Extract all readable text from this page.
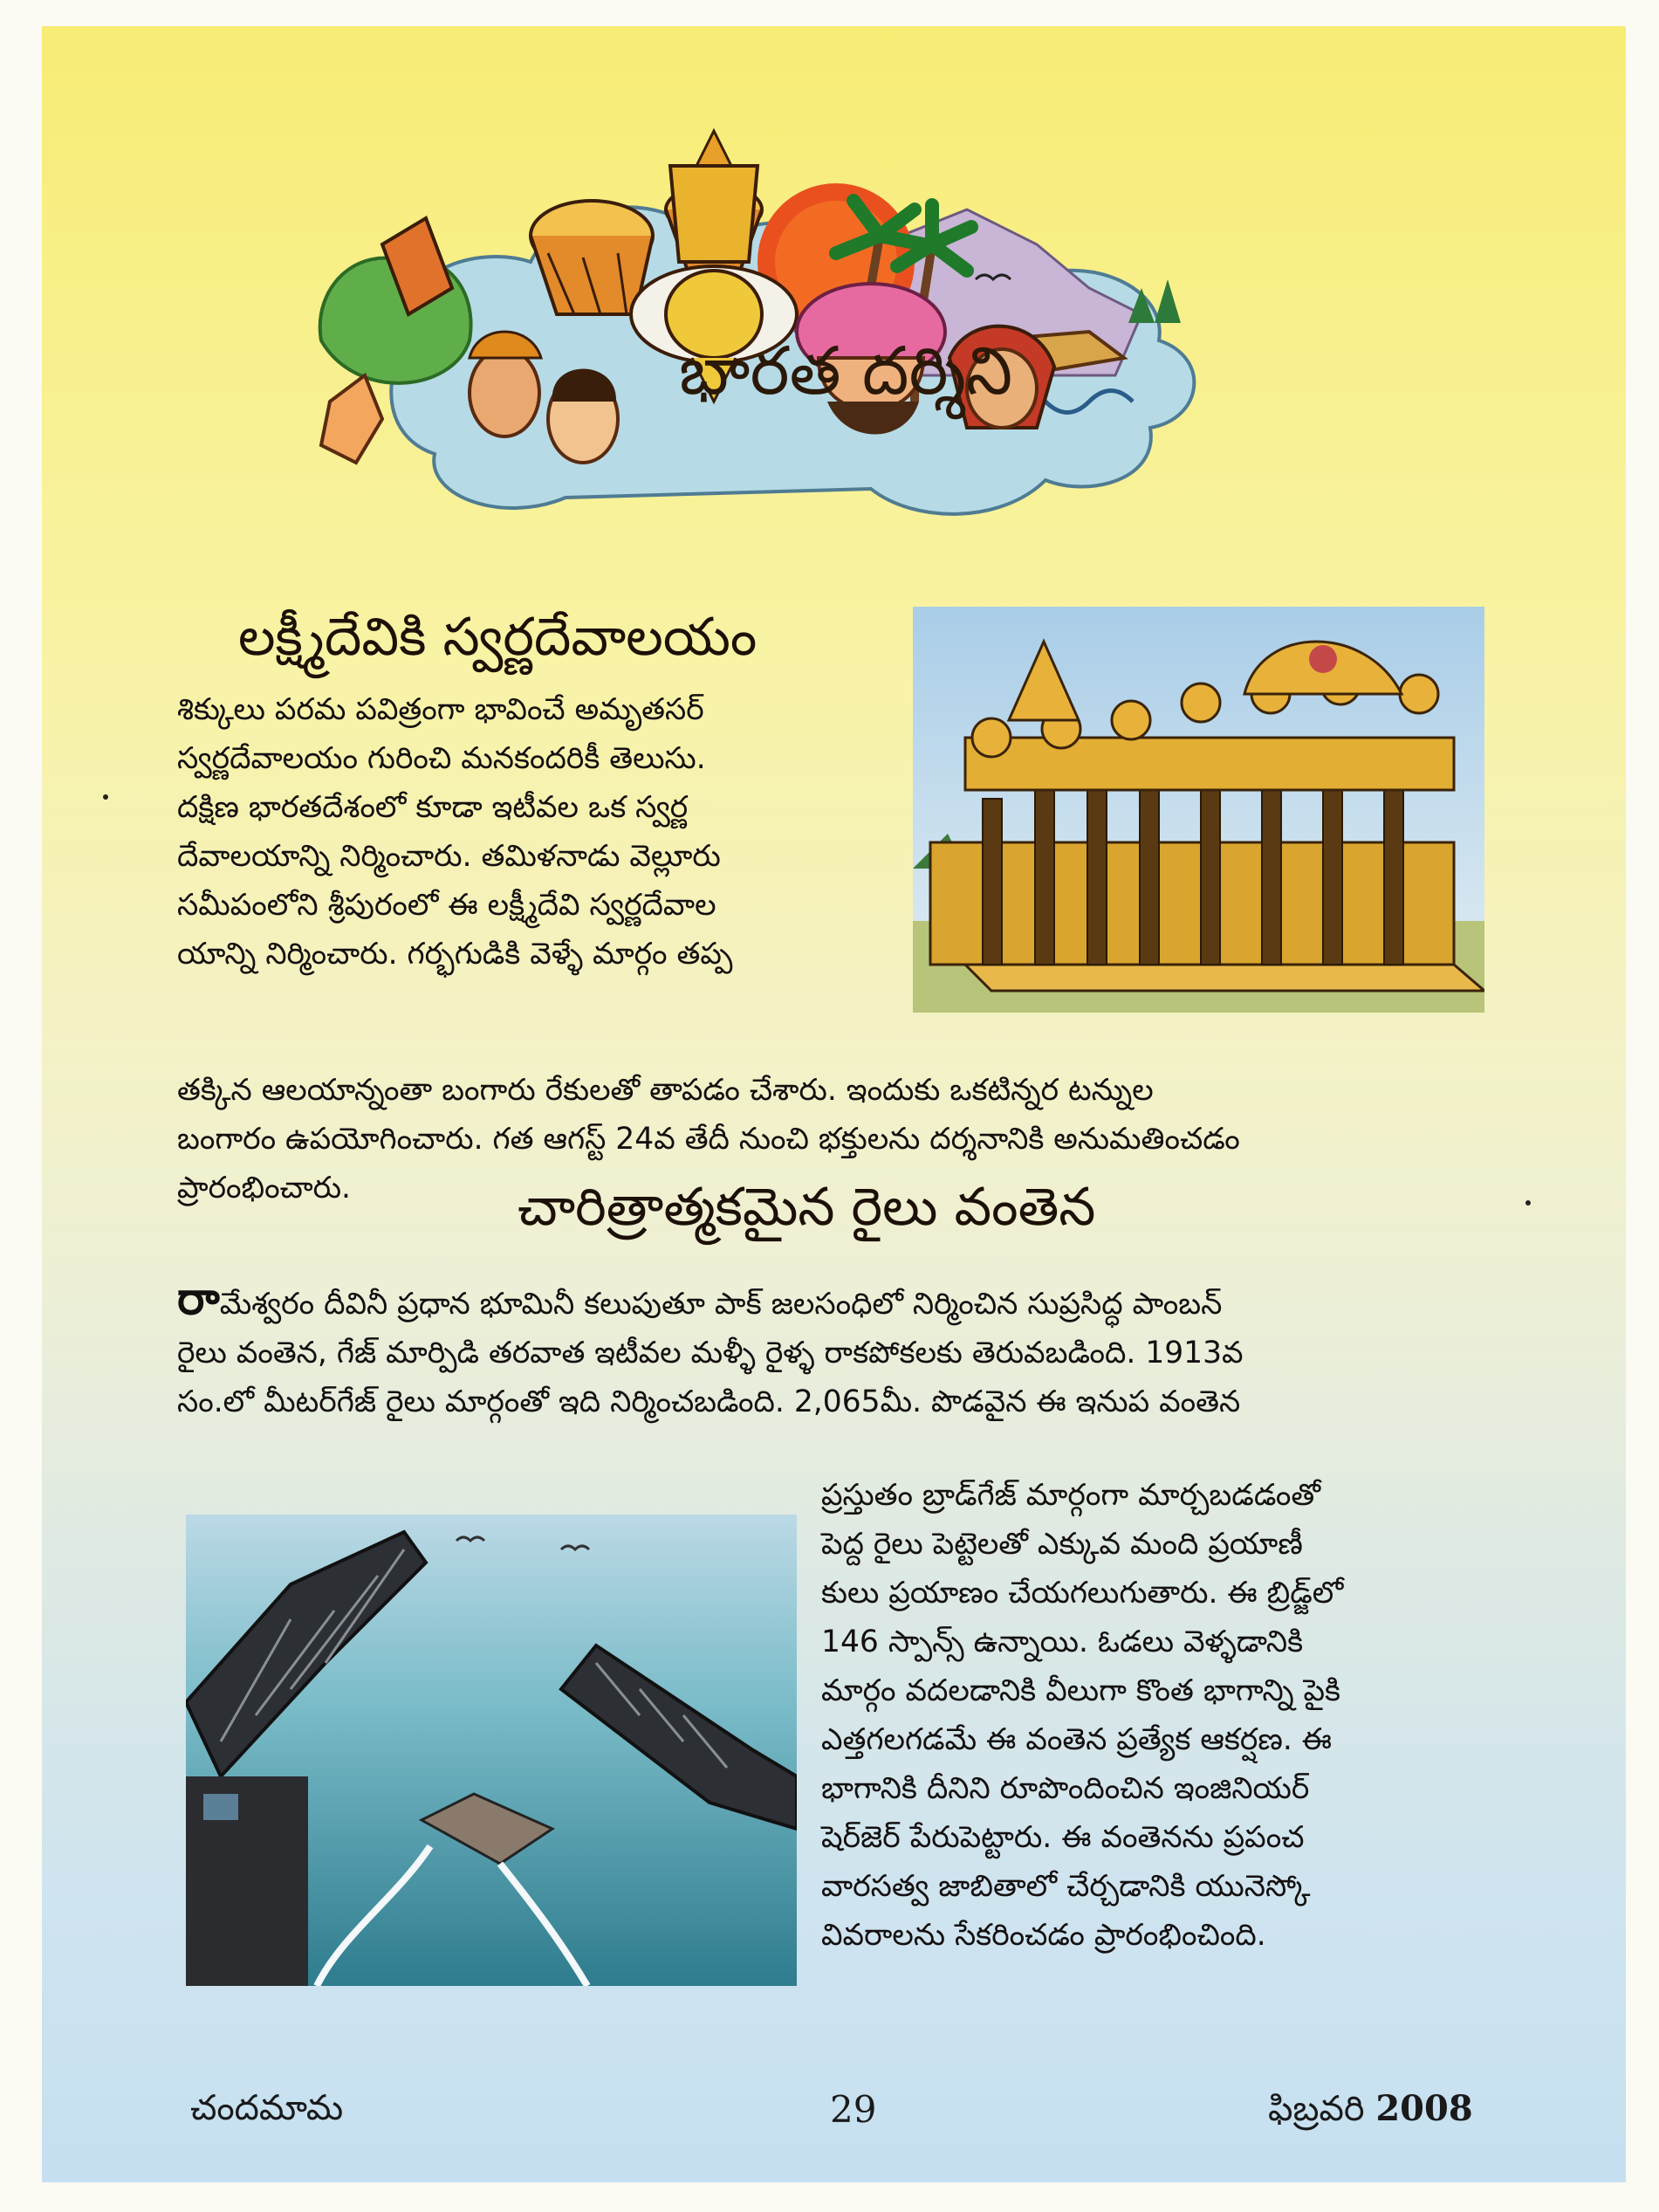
భారత దర్శిని
లక్ష్మీదేవికి స్వర్ణదేవాలయం
శిక్కులు పరమ పవిత్రంగా భావించే అమృతసర్
స్వర్ణదేవాలయం గురించి మనకందరికీ తెలుసు.
దక్షిణ భారతదేశంలో కూడా ఇటీవల ఒక స్వర్ణ
దేవాలయాన్ని నిర్మించారు. తమిళనాడు వెల్లూరు
సమీపంలోని శ్రీపురంలో ఈ లక్ష్మీదేవి స్వర్ణదేవాల
యాన్ని నిర్మించారు. గర్భగుడికి వెళ్ళే మార్గం తప్ప
తక్కిన ఆలయాన్నంతా బంగారు రేకులతో తాపడం చేశారు. ఇందుకు ఒకటిన్నర టన్నుల
బంగారం ఉపయోగించారు. గత ఆగస్ట్ 24వ తేదీ నుంచి భక్తులను దర్శనానికి అనుమతించడం
ప్రారంభించారు.	చారిత్రాత్మకమైన రైలు వంతెన
రామేశ్వరం దీవినీ ప్రధాన భూమినీ కలుపుతూ పాక్ జలసంధిలో నిర్మించిన సుప్రసిద్ధ పాంబన్
రైలు వంతెన, గేజ్ మార్పిడి తరవాత ఇటీవల మళ్ళీ రైళ్ళ రాకపోకలకు తెరువబడింది. 1913వ
సం.లో మీటర్‌గేజ్ రైలు మార్గంతో ఇది నిర్మించబడింది. 2,065మీ. పొడవైన ఈ ఇనుప వంతెన
ప్రస్తుతం బ్రాడ్‌గేజ్ మార్గంగా మార్చబడడంతో
పెద్ద రైలు పెట్టెలతో ఎక్కువ మంది ప్రయాణీ
కులు ప్రయాణం చేయగలుగుతారు. ఈ బ్రిడ్జ్‌లో
146 స్పాన్స్ ఉన్నాయి. ఓడలు వెళ్ళడానికి
మార్గం వదలడానికి వీలుగా కొంత భాగాన్ని పైకి
ఎత్తగలగడమే ఈ వంతెన ప్రత్యేక ఆకర్షణ. ఈ
భాగానికి దీనిని రూపొందించిన ఇంజినియర్
షెర్‌జెర్ పేరుపెట్టారు. ఈ వంతెనను ప్రపంచ
వారసత్వ జాబితాలో చేర్చడానికి యునెస్కో
వివరాలను సేకరించడం ప్రారంభించింది.
చందమామ	29	ఫిబ్రవరి 2008
